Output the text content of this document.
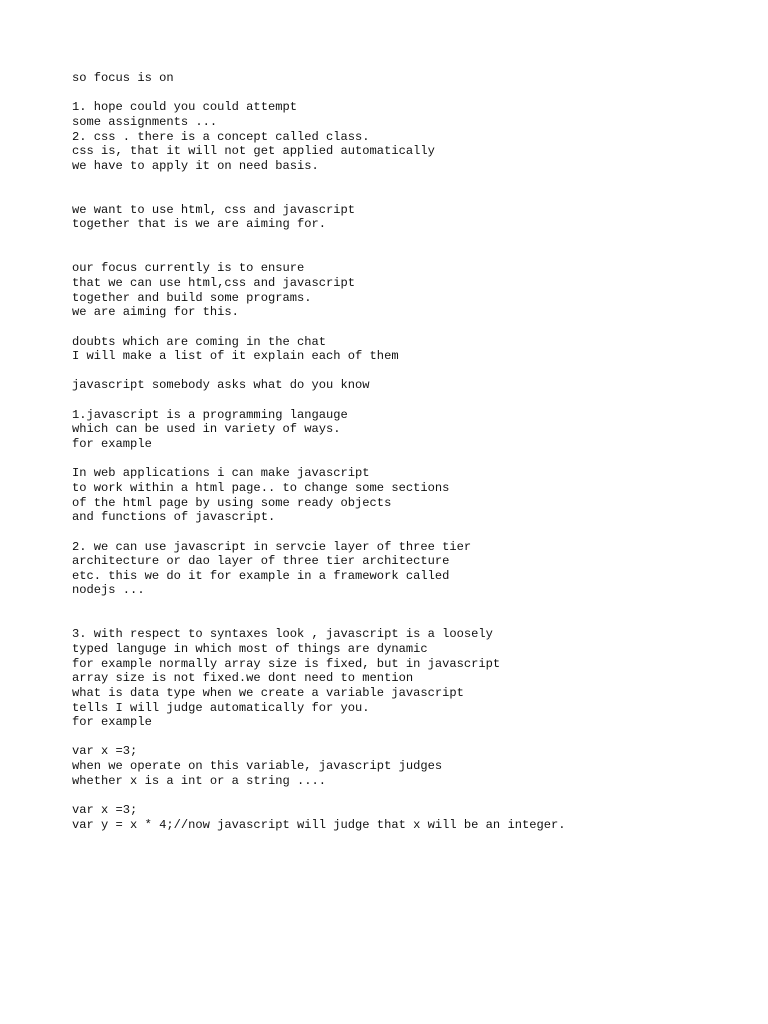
so focus is on
1. hope could you could attempt
some assignments ...
2. css . there is a concept called class.
css is, that it will not get applied automatically
we have to apply it on need basis.
we want to use html, css and javascript
together that is we are aiming for.
our focus currently is to ensure
that we can use html,css and javascript
together and build some programs.
we are aiming for this.
doubts which are coming in the chat
I will make a list of it explain each of them
javascript somebody asks what do you know
1.javascript is a programming langauge
which can be used in variety of ways.
for example
In web applications i can make javascript
to work within a html page.. to change some sections
of the html page by using some ready objects
and functions of javascript.
2. we can use javascript in servcie layer of three tier
architecture or dao layer of three tier architecture
etc. this we do it for example in a framework called
nodejs ...
3. with respect to syntaxes look , javascript is a loosely
typed languge in which most of things are dynamic
for example normally array size is fixed, but in javascript
array size is not fixed.we dont need to mention
what is data type when we create a variable javascript
tells I will judge automatically for you.
for example
var x =3;
when we operate on this variable, javascript judges
whether x is a int or a string ....
var x =3;
var y = x * 4;//now javascript will judge that x will be an integer.
